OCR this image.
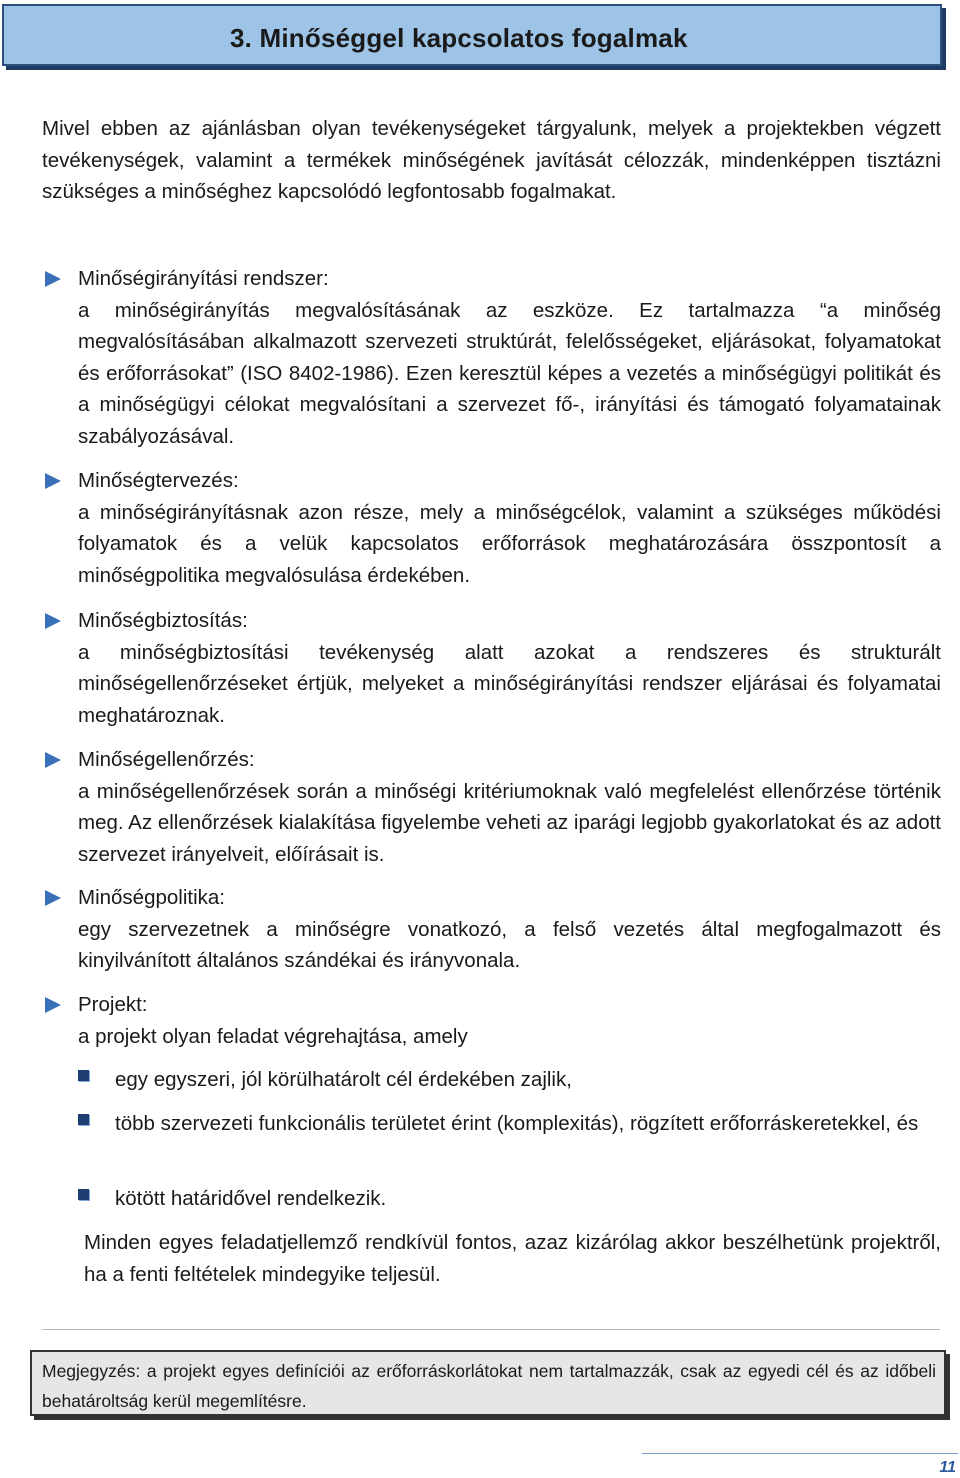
3. Minőséggel kapcsolatos fogalmak

Mivel ebben az ajánlásban olyan tevékenységeket tárgyalunk, melyek a projektekben végzett tevékenységek, valamint a termékek minőségének javítását célozzák, mindenképpen tisztázni szükséges a minőséghez kapcsolódó legfontosabb fogalmakat.

Minőségirányítási rendszer:
a minőségirányítás megvalósításának az eszköze. Ez tartalmazza “a minőség megvalósításában alkalmazott szervezeti struktúrát, felelősségeket, eljárásokat, folyamatokat és erőforrásokat” (ISO 8402-1986). Ezen keresztül képes a vezetés a minőségügyi politikát és a minőségügyi célokat megvalósítani a szervezet fő-, irányítási és támogató folyamatainak szabályozásával.
Minőségtervezés:
a minőségirányításnak azon része, mely a minőségcélok, valamint a szükséges működési folyamatok és a velük kapcsolatos erőforrások meghatározására összpontosít a minőségpolitika megvalósulása érdekében.
Minőségbiztosítás:
a minőségbiztosítási tevékenység alatt azokat a rendszeres és strukturált minőségellenőrzéseket értjük, melyeket a minőségirányítási rendszer eljárásai és folyamatai meghatároznak.
Minőségellenőrzés:
a minőségellenőrzések során a minőségi kritériumoknak való megfelelést ellenőrzése történik meg. Az ellenőrzések kialakítása figyelembe veheti az iparági legjobb gyakorlatokat és az adott szervezet irányelveit, előírásait is.
Minőségpolitika:
egy szervezetnek a minőségre vonatkozó, a felső vezetés által megfogalmazott és kinyilvánított általános szándékai és irányvonala.
Projekt:
a projekt olyan feladat végrehajtása, amely
egy egyszeri, jól körülhatárolt cél érdekében zajlik,
több szervezeti funkcionális területet érint (komplexitás), rögzített erőforráskeretekkel, és
kötött határidővel rendelkezik.

Minden egyes feladatjellemző rendkívül fontos, azaz kizárólag akkor beszélhetünk projektről, ha a fenti feltételek mindegyike teljesül.

Megjegyzés: a projekt egyes definíciói az erőforráskorlátokat nem tartalmazzák, csak az egyedi cél és az időbeli behatároltság kerül megemlítésre.

11
